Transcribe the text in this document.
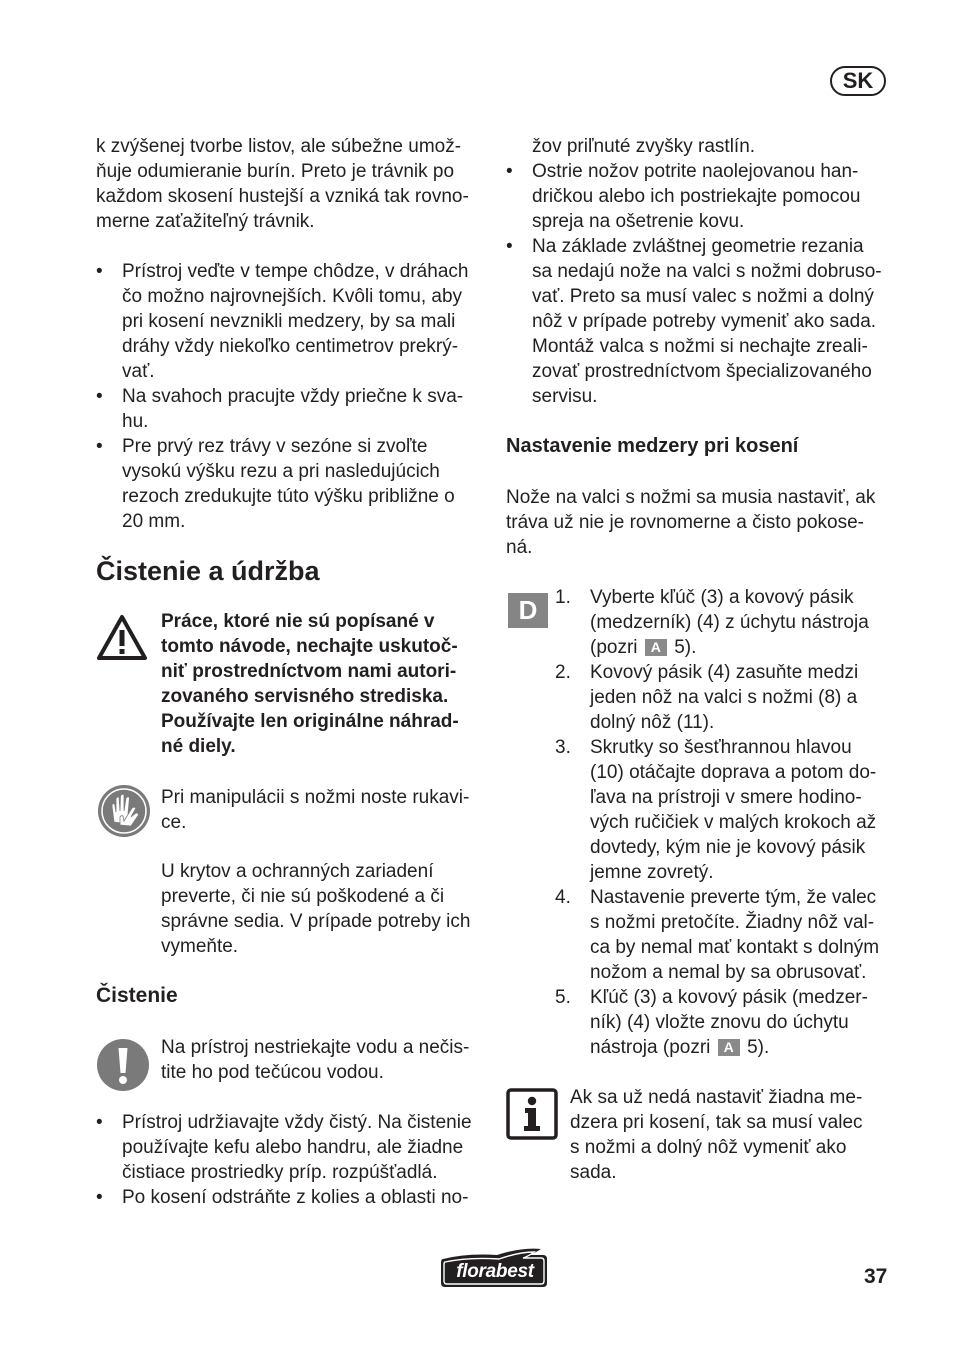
SK

k zvýšenej tvorbe listov, ale súbežne umož-
ňuje odumieranie burín. Preto je trávnik po
každom skosení hustejší a vzniká tak rovno-
merne zaťažiteľný trávnik.

• Prístroj veďte v tempe chôdze, v dráhach
čo možno najrovnejších. Kvôli tomu, aby
pri kosení nevznikli medzery, by sa mali
dráhy vždy niekoľko centimetrov prekrý-
vať.
• Na svahoch pracujte vždy priečne k sva-
hu.
• Pre prvý rez trávy v sezóne si zvoľte
vysokú výšku rezu a pri nasledujúcich
rezoch zredukujte túto výšku približne o
20 mm.
Čistenie a údržba

Práce, ktoré nie sú popísané v
tomto návode, nechajte uskutoč-
niť prostredníctvom nami autori-
zovaného servisného strediska.
Používajte len originálne náhrad-
né diely.

Pri manipulácii s nožmi noste rukavi-
ce.

U krytov a ochranných zariadení
preverte, či nie sú poškodené a či
správne sedia. V prípade potreby ich
vymeňte.

Čistenie

Na prístroj nestriekajte vodu a nečis-
tite ho pod tečúcou vodou.

• Prístroj udržiavajte vždy čistý. Na čistenie
používajte kefu alebo handru, ale žiadne
čistiace prostriedky príp. rozpúšťadlá.
• Po kosení odstráňte z kolies a oblasti no-

žov priľnuté zvyšky rastlín.

• Ostrie nožov potrite naolejovanou han-
dričkou alebo ich postriekajte pomocou
spreja na ošetrenie kovu.
• Na základe zvláštnej geometrie rezania
sa nedajú nože na valci s nožmi dobruso-
vať. Preto sa musí valec s nožmi a dolný
nôž v prípade potreby vymeniť ako sada.
Montáž valca s nožmi si nechajte zreali-
zovať prostredníctvom špecializovaného
servisu.
Nastavenie medzery pri kosení

Nože na valci s nožmi sa musia nastaviť, ak
tráva už nie je rovnomerne a čisto pokose-
ná.

D 1. Vyberte kľúč (3) a kovový pásik
(medzerník) (4) z úchytu nástroja
(pozri A 5).
2. Kovový pásik (4) zasuňte medzi
jeden nôž na valci s nožmi (8) a
dolný nôž (11).
3. Skrutky so šesťhrannou hlavou
(10) otáčajte doprava a potom do-
ľava na prístroji v smere hodino-
vých ručičiek v malých krokoch až
dovtedy, kým nie je kovový pásik
jemne zovretý.
4. Nastavenie preverte tým, že valec
s nožmi pretočíte. Žiadny nôž val-
ca by nemal mať kontakt s dolným
nožom a nemal by sa obrusovať.
5. Kľúč (3) a kovový pásik (medzer-
ník) (4) vložte znovu do úchytu
nástroja (pozri A 5).

Ak sa už nedá nastaviť žiadna me-
dzera pri kosení, tak sa musí valec
s nožmi a dolný nôž vymeniť ako
sada.

florabest	37
